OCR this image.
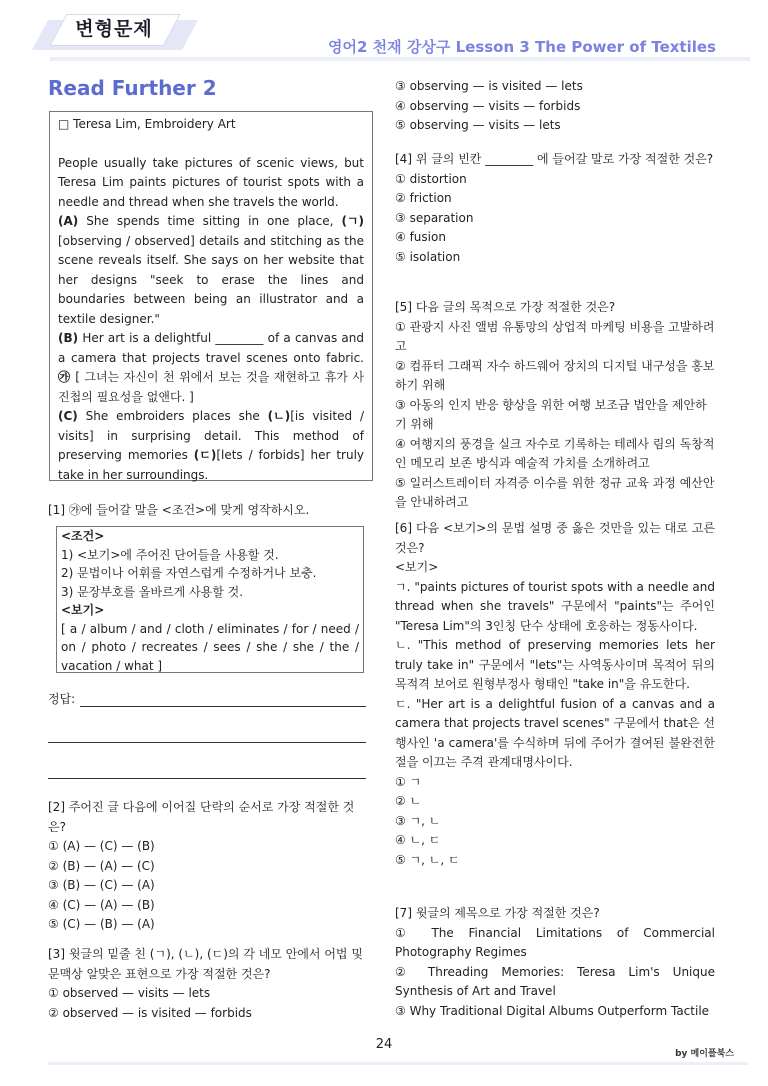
변형문제
영어2 천재 강상구 Lesson 3 The Power of Textiles
Read Further 2

□ Teresa Lim, Embroidery Art

People usually take pictures of scenic views, but Teresa Lim paints pictures of tourist spots with a needle and thread when she travels the world.

(A) She spends time sitting in one place, (ㄱ)[observing / observed] details and stitching as the scene reveals itself. She says on her website that her designs "seek to erase the lines and boundaries between being an illustrator and a textile designer."

(B) Her art is a delightful ________ of a canvas and a camera that projects travel scenes onto fabric. ㉮ [ 그녀는 자신이 천 위에서 보는 것을 재현하고 휴가 사진첩의 필요성을 없앤다. ]

(C) She embroiders places she (ㄴ)[is visited / visits] in surprising detail. This method of preserving memories (ㄷ)[lets / forbids] her truly take in her surroundings.

[1] ㉮에 들어갈 말을 <조건>에 맞게 영작하시오.

<조건>
1) <보기>에 주어진 단어들을 사용할 것.
2) 문법이나 어휘를 자연스럽게 수정하거나 보충.
3) 문장부호를 올바르게 사용할 것.
<보기>
[ a / album / and / cloth / eliminates / for / need / on / photo / recreates / sees / she / she / the / vacation / what ]
정답:

[2] 주어진 글 다음에 이어질 단락의 순서로 가장 적절한 것은?

① (A) — (C) — (B)

② (B) — (A) — (C)

③ (B) — (C) — (A)

④ (C) — (A) — (B)

⑤ (C) — (B) — (A)

[3] 윗글의 밑줄 친 (ㄱ), (ㄴ), (ㄷ)의 각 네모 안에서 어법 및 문맥상 알맞은 표현으로 가장 적절한 것은?

① observed — visits — lets

② observed — is visited — forbids

③ observing — is visited — lets

④ observing — visits — forbids

⑤ observing — visits — lets

[4] 위 글의 빈칸 ________ 에 들어갈 말로 가장 적절한 것은?

① distortion

② friction

③ separation

④ fusion

⑤ isolation

[5] 다음 글의 목적으로 가장 적절한 것은?

① 관광지 사진 앨범 유통망의 상업적 마케팅 비용을 고발하려고

② 컴퓨터 그래픽 자수 하드웨어 장치의 디지털 내구성을 홍보하기 위해

③ 아동의 인지 반응 향상을 위한 여행 보조금 법안을 제안하기 위해

④ 여행지의 풍경을 실크 자수로 기록하는 테레사 림의 독창적인 메모리 보존 방식과 예술적 가치를 소개하려고

⑤ 일러스트레이터 자격증 이수를 위한 정규 교육 과정 예산안을 안내하려고

[6] 다음 <보기>의 문법 설명 중 옳은 것만을 있는 대로 고른 것은?

<보기>

ㄱ. "paints pictures of tourist spots with a needle and thread when she travels" 구문에서 "paints"는 주어인 "Teresa Lim"의 3인칭 단수 상태에 호응하는 정동사이다.

ㄴ. "This method of preserving memories lets her truly take in" 구문에서 "lets"는 사역동사이며 목적어 뒤의 목적격 보어로 원형부정사 형태인 "take in"을 유도한다.

ㄷ. "Her art is a delightful fusion of a canvas and a camera that projects travel scenes" 구문에서 that은 선행사인 'a camera'를 수식하며 뒤에 주어가 결여된 불완전한 절을 이끄는 주격 관계대명사이다.

① ㄱ

② ㄴ

③ ㄱ, ㄴ

④ ㄴ, ㄷ

⑤ ㄱ, ㄴ, ㄷ

[7] 윗글의 제목으로 가장 적절한 것은?

① The Financial Limitations of Commercial Photography Regimes

② Threading Memories: Teresa Lim's Unique Synthesis of Art and Travel

③ Why Traditional Digital Albums Outperform Tactile

24
by 메이플북스
